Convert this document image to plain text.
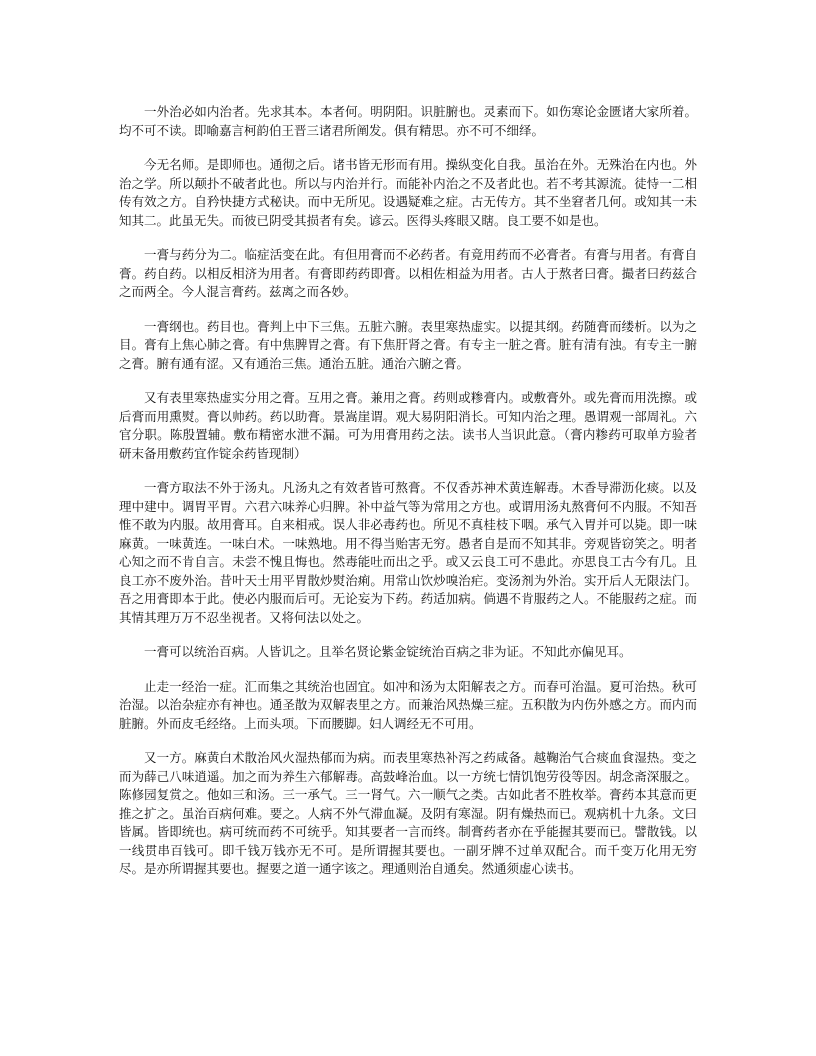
一外治必如内治者。先求其本。本者何。明阴阳。识脏腑也。灵素而下。如伤寒论金匮诸大家所着。均不可不读。即喻嘉言柯韵伯王晋三诸君所阐发。俱有精思。亦不可不细绎。

今无名师。是即师也。通彻之后。诸书皆无形而有用。操纵变化自我。虽治在外。无殊治在内也。外治之学。所以颠扑不破者此也。所以与内治并行。而能补内治之不及者此也。若不考其源流。徒恃一二相传有效之方。自矜快捷方式秘诀。而中无所见。设遇疑难之症。古无传方。其不坐窘者几何。或知其一未知其二。此虽无失。而彼已阴受其损者有矣。谚云。医得头疼眼又瞎。良工要不如是也。

一膏与药分为二。临症活变在此。有但用膏而不必药者。有竟用药而不必膏者。有膏与用者。有膏自膏。药自药。以相反相济为用者。有膏即药药即膏。以相佐相益为用者。古人于熬者曰膏。撮者曰药兹合之而两全。今人混言膏药。兹离之而各妙。

一膏纲也。药目也。膏判上中下三焦。五脏六腑。表里寒热虚实。以提其纲。药随膏而缕析。以为之目。膏有上焦心肺之膏。有中焦脾胃之膏。有下焦肝肾之膏。有专主一脏之膏。脏有清有浊。有专主一腑之膏。腑有通有涩。又有通治三焦。通治五脏。通治六腑之膏。

又有表里寒热虚实分用之膏。互用之膏。兼用之膏。药则或糁膏内。或敷膏外。或先膏而用洗擦。或后膏而用熏熨。膏以帅药。药以助膏。景嵩崖谓。观大易阴阳消长。可知内治之理。愚谓观一部周礼。六官分职。陈殷置辅。敷布精密水泄不漏。可为用膏用药之法。读书人当识此意。（膏内糁药可取单方验者研末备用敷药宜作锭余药皆现制）

一膏方取法不外于汤丸。凡汤丸之有效者皆可熬膏。不仅香苏神术黄连解毒。木香导滞沥化痰。以及理中建中。调胃平胃。六君六味养心归脾。补中益气等为常用之方也。或谓用汤丸熬膏何不内服。不知吾惟不敢为内服。故用膏耳。自来相戒。误人非必毒药也。所见不真桂枝下咽。承气入胃并可以毙。即一味麻黄。一味黄连。一味白术。一味熟地。用不得当贻害无穷。愚者自是而不知其非。旁观皆窃笑之。明者心知之而不肯自言。未尝不愧且悔也。然毒能吐而出之乎。或又云良工可不患此。亦思良工古今有几。且良工亦不废外治。昔叶天士用平胃散炒熨治痢。用常山饮炒嗅治疟。变汤剂为外治。实开后人无限法门。吾之用膏即本于此。使必内服而后可。无论妄为下药。药适加病。倘遇不肯服药之人。不能服药之症。而其情其理万万不忍坐视者。又将何法以处之。

一膏可以统治百病。人皆讥之。且举名贤论紫金锭统治百病之非为证。不知此亦偏见耳。

止走一经治一症。汇而集之其统治也固宜。如冲和汤为太阳解表之方。而春可治温。夏可治热。秋可治湿。以治杂症亦有神也。通圣散为双解表里之方。而兼治风热燥三症。五积散为内伤外感之方。而内而脏腑。外而皮毛经络。上而头项。下而腰脚。妇人调经无不可用。

又一方。麻黄白术散治风火湿热郁而为病。而表里寒热补泻之药咸备。越鞠治气合痰血食湿热。变之而为薛己八味逍遥。加之而为养生六郁解毒。高鼓峰治血。以一方统七情饥饱劳役等因。胡念斋深服之。陈修园复赏之。他如三和汤。三一承气。三一肾气。六一顺气之类。古如此者不胜枚举。膏药本其意而更推之扩之。虽治百病何难。要之。人病不外气滞血凝。及阴有寒湿。阴有燥热而已。观病机十九条。文曰皆属。皆即统也。病可统而药不可统乎。知其要者一言而终。制膏药者亦在乎能握其要而已。譬散钱。以一线贯串百钱可。即千钱万钱亦无不可。是所谓握其要也。一副牙牌不过单双配合。而千变万化用无穷尽。是亦所谓握其要也。握要之道一通字该之。理通则治自通矣。然通须虚心读书。
